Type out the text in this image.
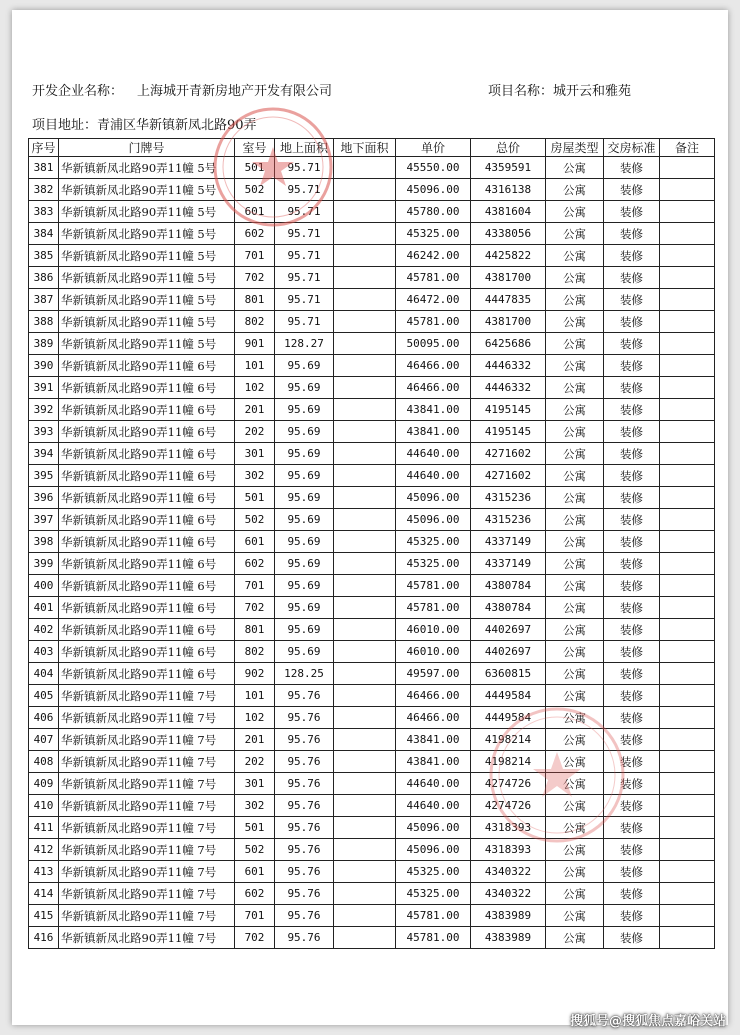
开发企业名称： 上海城开青新房地产开发有限公司	项目名称：城开云和雅苑
项目地址：青浦区华新镇新凤北路90弄
序号	门牌号	室号	地上面积	地下面积	单价	总价	房屋类型	交房标准	备注
381	华新镇新凤北路90弄11幢 5号	501	95.71		45550.00	4359591	公寓	装修	
382	华新镇新凤北路90弄11幢 5号	502	95.71		45096.00	4316138	公寓	装修	
383	华新镇新凤北路90弄11幢 5号	601	95.71		45780.00	4381604	公寓	装修	
384	华新镇新凤北路90弄11幢 5号	602	95.71		45325.00	4338056	公寓	装修	
385	华新镇新凤北路90弄11幢 5号	701	95.71		46242.00	4425822	公寓	装修	
386	华新镇新凤北路90弄11幢 5号	702	95.71		45781.00	4381700	公寓	装修	
387	华新镇新凤北路90弄11幢 5号	801	95.71		46472.00	4447835	公寓	装修	
388	华新镇新凤北路90弄11幢 5号	802	95.71		45781.00	4381700	公寓	装修	
389	华新镇新凤北路90弄11幢 5号	901	128.27		50095.00	6425686	公寓	装修	
390	华新镇新凤北路90弄11幢 6号	101	95.69		46466.00	4446332	公寓	装修	
391	华新镇新凤北路90弄11幢 6号	102	95.69		46466.00	4446332	公寓	装修	
392	华新镇新凤北路90弄11幢 6号	201	95.69		43841.00	4195145	公寓	装修	
393	华新镇新凤北路90弄11幢 6号	202	95.69		43841.00	4195145	公寓	装修	
394	华新镇新凤北路90弄11幢 6号	301	95.69		44640.00	4271602	公寓	装修	
395	华新镇新凤北路90弄11幢 6号	302	95.69		44640.00	4271602	公寓	装修	
396	华新镇新凤北路90弄11幢 6号	501	95.69		45096.00	4315236	公寓	装修	
397	华新镇新凤北路90弄11幢 6号	502	95.69		45096.00	4315236	公寓	装修	
398	华新镇新凤北路90弄11幢 6号	601	95.69		45325.00	4337149	公寓	装修	
399	华新镇新凤北路90弄11幢 6号	602	95.69		45325.00	4337149	公寓	装修	
400	华新镇新凤北路90弄11幢 6号	701	95.69		45781.00	4380784	公寓	装修	
401	华新镇新凤北路90弄11幢 6号	702	95.69		45781.00	4380784	公寓	装修	
402	华新镇新凤北路90弄11幢 6号	801	95.69		46010.00	4402697	公寓	装修	
403	华新镇新凤北路90弄11幢 6号	802	95.69		46010.00	4402697	公寓	装修	
404	华新镇新凤北路90弄11幢 6号	902	128.25		49597.00	6360815	公寓	装修	
405	华新镇新凤北路90弄11幢 7号	101	95.76		46466.00	4449584	公寓	装修	
406	华新镇新凤北路90弄11幢 7号	102	95.76		46466.00	4449584	公寓	装修	
407	华新镇新凤北路90弄11幢 7号	201	95.76		43841.00	4198214	公寓	装修	
408	华新镇新凤北路90弄11幢 7号	202	95.76		43841.00	4198214	公寓	装修	
409	华新镇新凤北路90弄11幢 7号	301	95.76		44640.00	4274726	公寓	装修	
410	华新镇新凤北路90弄11幢 7号	302	95.76		44640.00	4274726	公寓	装修	
411	华新镇新凤北路90弄11幢 7号	501	95.76		45096.00	4318393	公寓	装修	
412	华新镇新凤北路90弄11幢 7号	502	95.76		45096.00	4318393	公寓	装修	
413	华新镇新凤北路90弄11幢 7号	601	95.76		45325.00	4340322	公寓	装修	
414	华新镇新凤北路90弄11幢 7号	602	95.76		45325.00	4340322	公寓	装修	
415	华新镇新凤北路90弄11幢 7号	701	95.76		45781.00	4383989	公寓	装修	
416	华新镇新凤北路90弄11幢 7号	702	95.76		45781.00	4383989	公寓	装修	
搜狐号@搜狐焦点嘉峪关站
